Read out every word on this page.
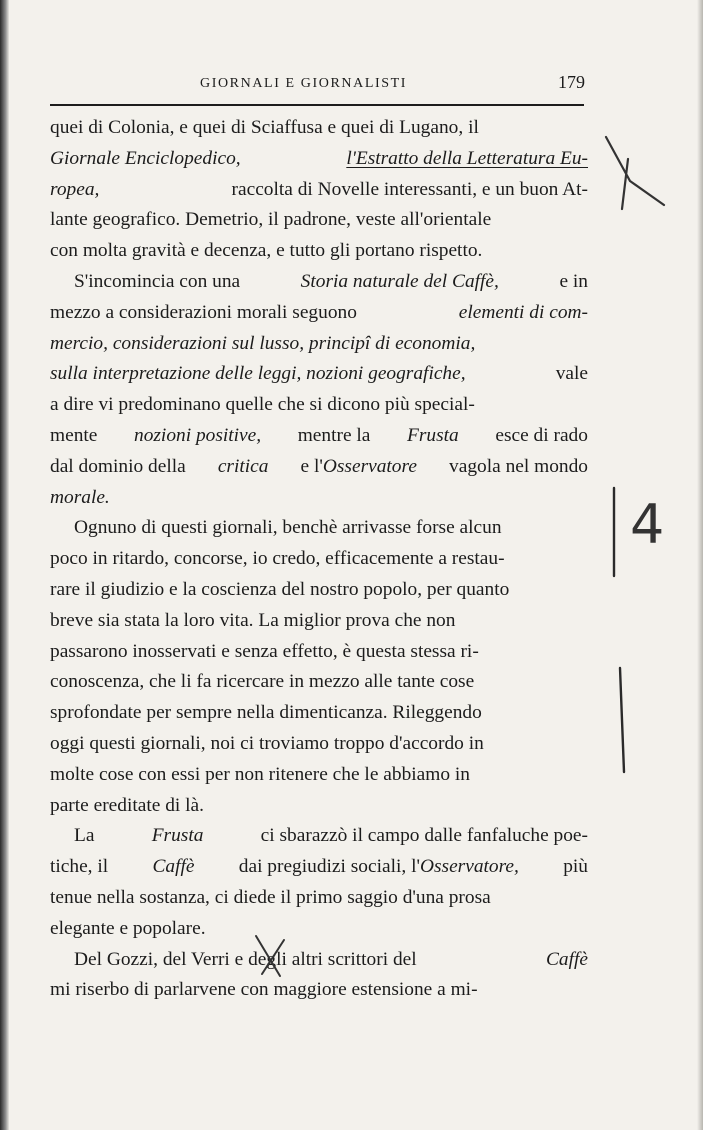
GIORNALI E GIORNALISTI	179
quei di Colonia, e quei di Sciaffusa e quei di Lugano, il
Giornale Enciclopedico,	l'Estratto della Letteratura Eu-
ropea,	raccolta di Novelle interessanti, e un buon At-
lante geografico. Demetrio, il padrone, veste all'orientale
con molta gravità e decenza, e tutto gli portano rispetto.
S'incomincia con una	Storia naturale del Caffè,	e in
mezzo a considerazioni morali seguono	elementi di com-
mercio, considerazioni sul lusso, principî di economia,
sulla interpretazione delle leggi, nozioni geografiche,	vale
a dire vi predominano quelle che si dicono più special-
mente nozioni positive, mentre la Frusta esce di rado
dal dominio della critica e l'Osservatore vagola nel mondo
morale.
Ognuno di questi giornali, benchè arrivasse forse alcun
poco in ritardo, concorse, io credo, efficacemente a restau-
rare il giudizio e la coscienza del nostro popolo, per quanto
breve sia stata la loro vita. La miglior prova che non
passarono inosservati e senza effetto, è questa stessa ri-
conoscenza, che li fa ricercare in mezzo alle tante cose
sprofondate per sempre nella dimenticanza. Rileggendo
oggi questi giornali, noi ci troviamo troppo d'accordo in
molte cose con essi per non ritenere che le abbiamo in
parte ereditate di là.
La	Frusta	ci sbarazzò il campo dalle fanfaluche poe-
tiche, il Caffè dai pregiudizi sociali, l'Osservatore, più
tenue nella sostanza, ci diede il primo saggio d'una prosa
elegante e popolare.
Del Gozzi, del Verri e degli altri scrittori del	Caffè
mi riserbo di parlarvene con maggiore estensione a mi-
4
